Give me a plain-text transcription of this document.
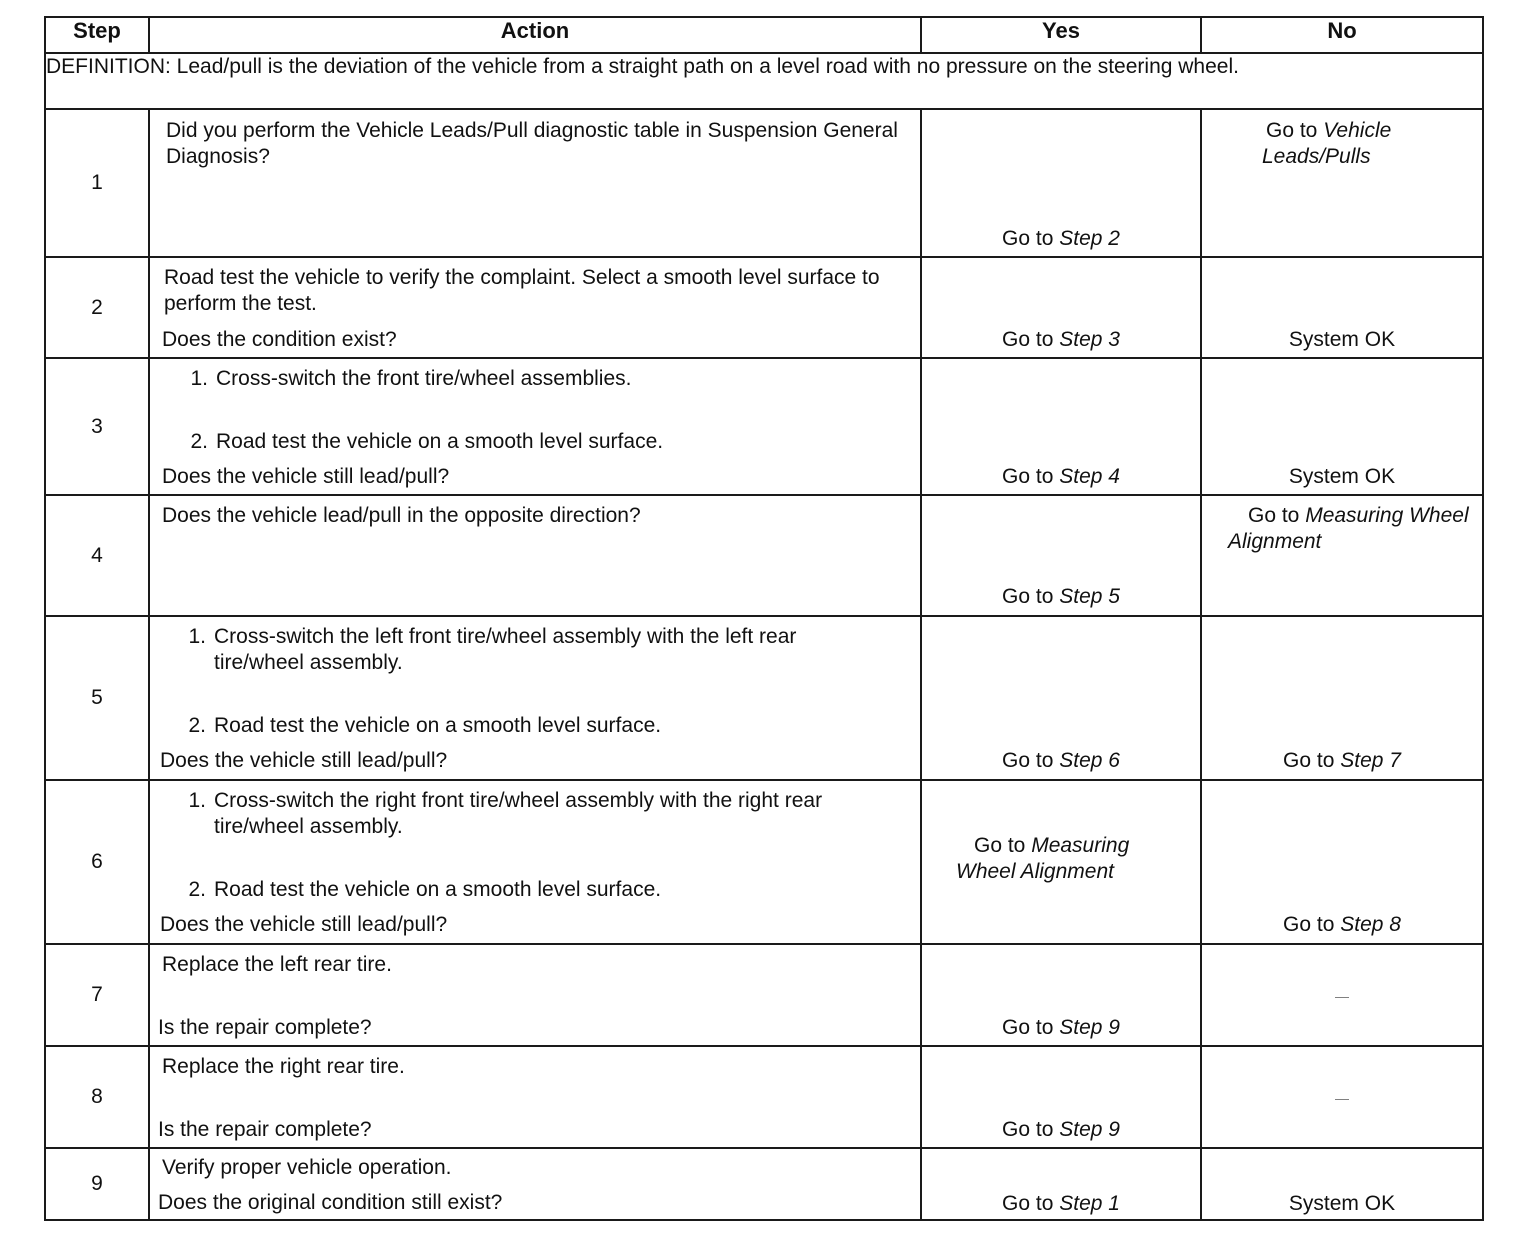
Step	Action	Yes	No
DEFINITION: Lead/pull is the deviation of the vehicle from a straight path on a level road with no pressure on the steering wheel.			
1	Did you perform the Vehicle Leads/Pull diagnostic table in Suspension General Diagnosis?	Go to Step 2	Go to Vehicle Leads/Pulls

2	Road test the vehicle to verify the complaint. Select a smooth level surface to perform the test.
Does the condition exist?	Go to Step 3	System OK

3	1. Cross-switch the front tire/wheel assemblies.
2. Road test the vehicle on a smooth level surface.
Does the vehicle still lead/pull?	Go to Step 4	System OK

4	Does the vehicle lead/pull in the opposite direction?	Go to Step 5	Go to Measuring Wheel Alignment

5	1. Cross-switch the left front tire/wheel assembly with the left rear tire/wheel assembly.
2. Road test the vehicle on a smooth level surface.
Does the vehicle still lead/pull?	Go to Step 6	Go to Step 7

6	1. Cross-switch the right front tire/wheel assembly with the right rear tire/wheel assembly.
2. Road test the vehicle on a smooth level surface.
Does the vehicle still lead/pull?	Go to Measuring Wheel Alignment	Go to Step 8

7	Replace the left rear tire.
Is the repair complete?	Go to Step 9	—

8	Replace the right rear tire.
Is the repair complete?	Go to Step 9	—

9	Verify proper vehicle operation.
Does the original condition still exist?	Go to Step 1	System OK
